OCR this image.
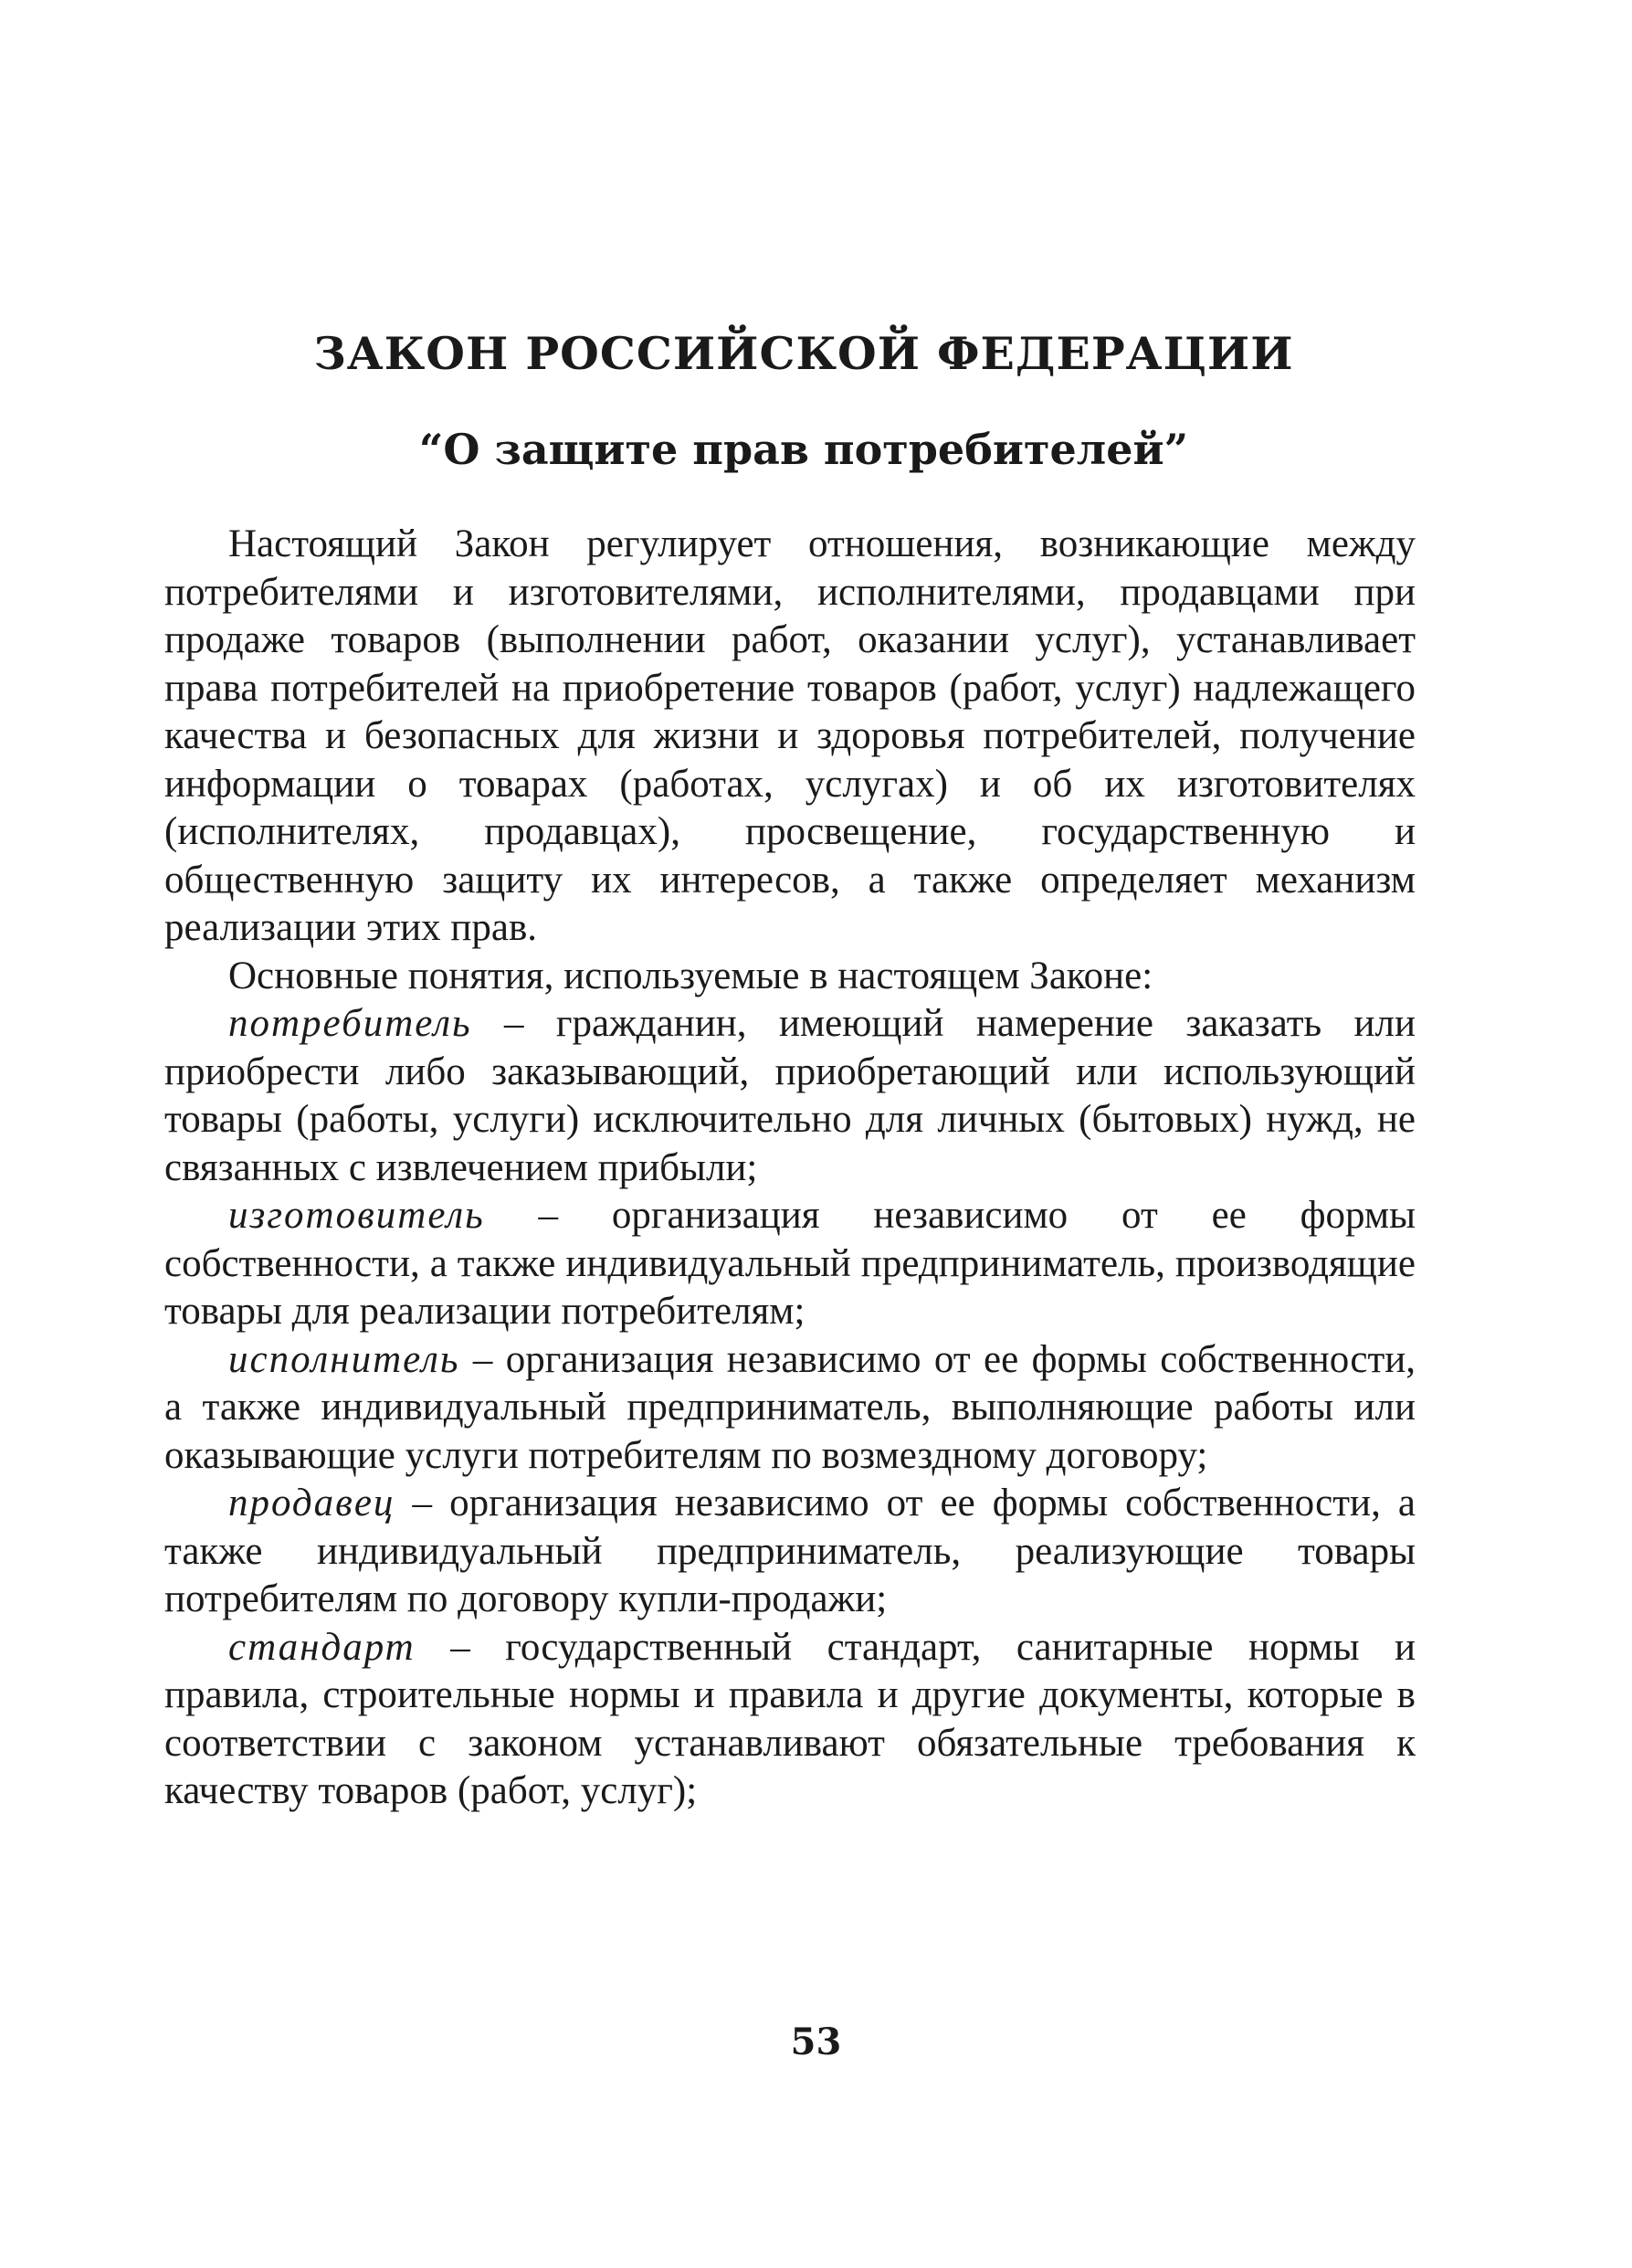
ЗАКОН РОССИЙСКОЙ ФЕДЕРАЦИИ
“О защите прав потребителей”

Настоящий Закон регулирует отношения, возникающие между потребителями и изготовителями, исполнителями, продавцами при продаже товаров (выполнении работ, оказании услуг), устанавливает права потребителей на приобретение товаров (работ, услуг) надлежащего качества и безопасных для жизни и здоровья потребителей, получение информации о товарах (работах, услугах) и об их изготовителях (исполнителях, продавцах), просвещение, государственную и общественную защиту их интересов, а также определяет механизм реализации этих прав.

Основные понятия, используемые в настоящем Законе:

потребитель – гражданин, имеющий намерение заказать или приобрести либо заказывающий, приобретающий или использующий товары (работы, услуги) исключительно для личных (бытовых) нужд, не связанных с извлечением прибыли;

изготовитель – организация независимо от ее формы собственности, а также индивидуальный предприниматель, производящие товары для реализации потребителям;

исполнитель – организация независимо от ее формы собственности, а также индивидуальный предприниматель, выполняющие работы или оказывающие услуги потребителям по возмездному договору;

продавец – организация независимо от ее формы собственности, а также индивидуальный предприниматель, реализующие товары потребителям по договору купли-продажи;

стандарт – государственный стандарт, санитарные нормы и правила, строительные нормы и правила и другие документы, которые в соответствии с законом устанавливают обязательные требования к качеству товаров (работ, услуг);

53
